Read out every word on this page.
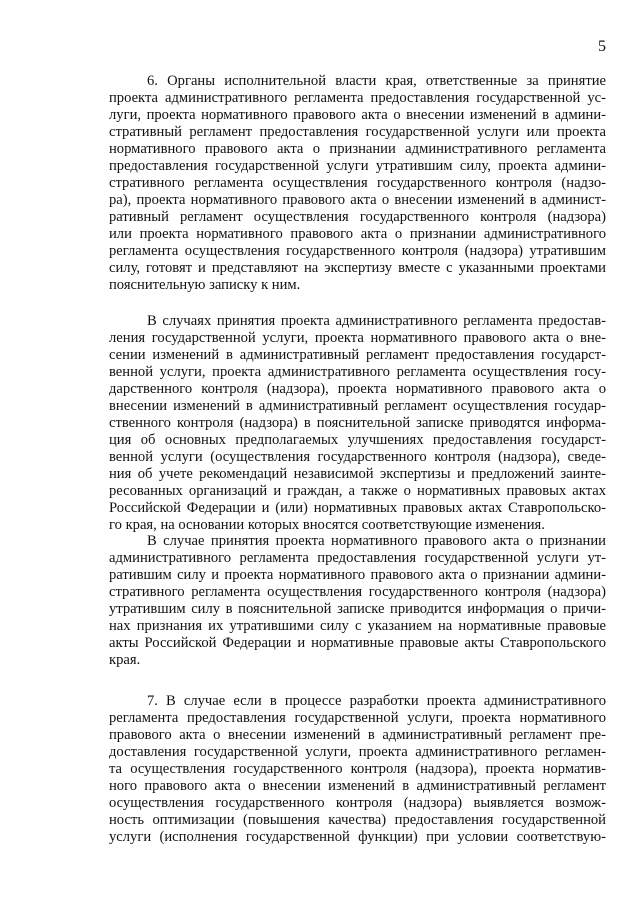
5
6. Органы исполнительной власти края, ответственные за принятие
проекта административного регламента предоставления государственной ус-
луги, проекта нормативного правового акта о внесении изменений в админи-
стративный регламент предоставления государственной услуги или проекта
нормативного правового акта о признании административного регламента
предоставления государственной услуги утратившим силу, проекта админи-
стративного регламента осуществления государственного контроля (надзо-
ра), проекта нормативного правового акта о внесении изменений в админист-
ративный регламент осуществления государственного контроля (надзора)
или проекта нормативного правового акта о признании административного
регламента осуществления государственного контроля (надзора) утратившим
силу, готовят и представляют на экспертизу вместе с указанными проектами
пояснительную записку к ним.
В случаях принятия проекта административного регламента предостав-
ления государственной услуги, проекта нормативного правового акта о вне-
сении изменений в административный регламент предоставления государст-
венной услуги, проекта административного регламента осуществления госу-
дарственного контроля (надзора), проекта нормативного правового акта о
внесении изменений в административный регламент осуществления государ-
ственного контроля (надзора) в пояснительной записке приводятся информа-
ция об основных предполагаемых улучшениях предоставления государст-
венной услуги (осуществления государственного контроля (надзора), сведе-
ния об учете рекомендаций независимой экспертизы и предложений заинте-
ресованных организаций и граждан, а также о нормативных правовых актах
Российской Федерации и (или) нормативных правовых актах Ставропольско-
го края, на основании которых вносятся соответствующие изменения.
В случае принятия проекта нормативного правового акта о признании
административного регламента предоставления государственной услуги ут-
ратившим силу и проекта нормативного правового акта о признании админи-
стративного регламента осуществления государственного контроля (надзора)
утратившим силу в пояснительной записке приводится информация о причи-
нах признания их утратившими силу с указанием на нормативные правовые
акты Российской Федерации и нормативные правовые акты Ставропольского
края.
7. В случае если в процессе разработки проекта административного
регламента предоставления государственной услуги, проекта нормативного
правового акта о внесении изменений в административный регламент пре-
доставления государственной услуги, проекта административного регламен-
та осуществления государственного контроля (надзора), проекта норматив-
ного правового акта о внесении изменений в административный регламент
осуществления государственного контроля (надзора) выявляется возмож-
ность оптимизации (повышения качества) предоставления государственной
услуги (исполнения государственной функции) при условии соответствую-
